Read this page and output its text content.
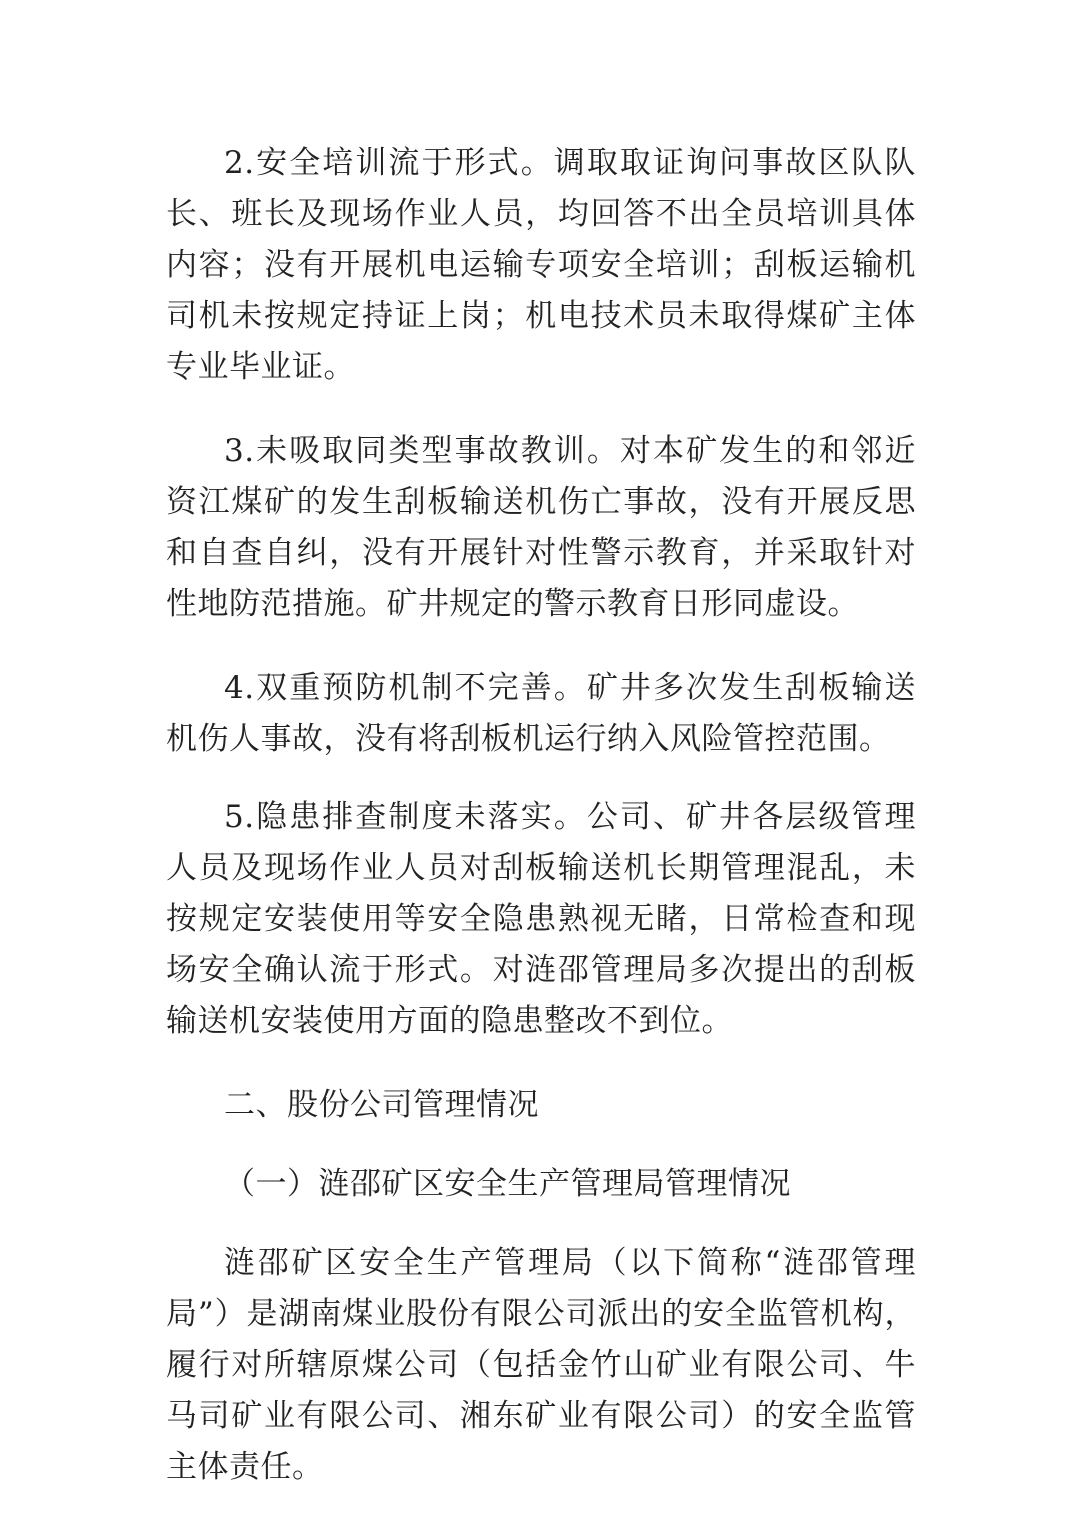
2.安全培训流于形式。调取取证询问事故区队队长、班长及现场作业人员，均回答不出全员培训具体内容；没有开展机电运输专项安全培训；刮板运输机司机未按规定持证上岗；机电技术员未取得煤矿主体专业毕业证。

3.未吸取同类型事故教训。对本矿发生的和邻近资江煤矿的发生刮板输送机伤亡事故，没有开展反思和自查自纠，没有开展针对性警示教育，并采取针对性地防范措施。矿井规定的警示教育日形同虚设。

4.双重预防机制不完善。矿井多次发生刮板输送机伤人事故，没有将刮板机运行纳入风险管控范围。

5.隐患排查制度未落实。公司、矿井各层级管理人员及现场作业人员对刮板输送机长期管理混乱，未按规定安装使用等安全隐患熟视无睹，日常检查和现场安全确认流于形式。对涟邵管理局多次提出的刮板输送机安装使用方面的隐患整改不到位。

二、股份公司管理情况

（一）涟邵矿区安全生产管理局管理情况

涟邵矿区安全生产管理局（以下简称“涟邵管理局”）是湖南煤业股份有限公司派出的安全监管机构，履行对所辖原煤公司（包括金竹山矿业有限公司、牛马司矿业有限公司、湘东矿业有限公司）的安全监管主体责任。
